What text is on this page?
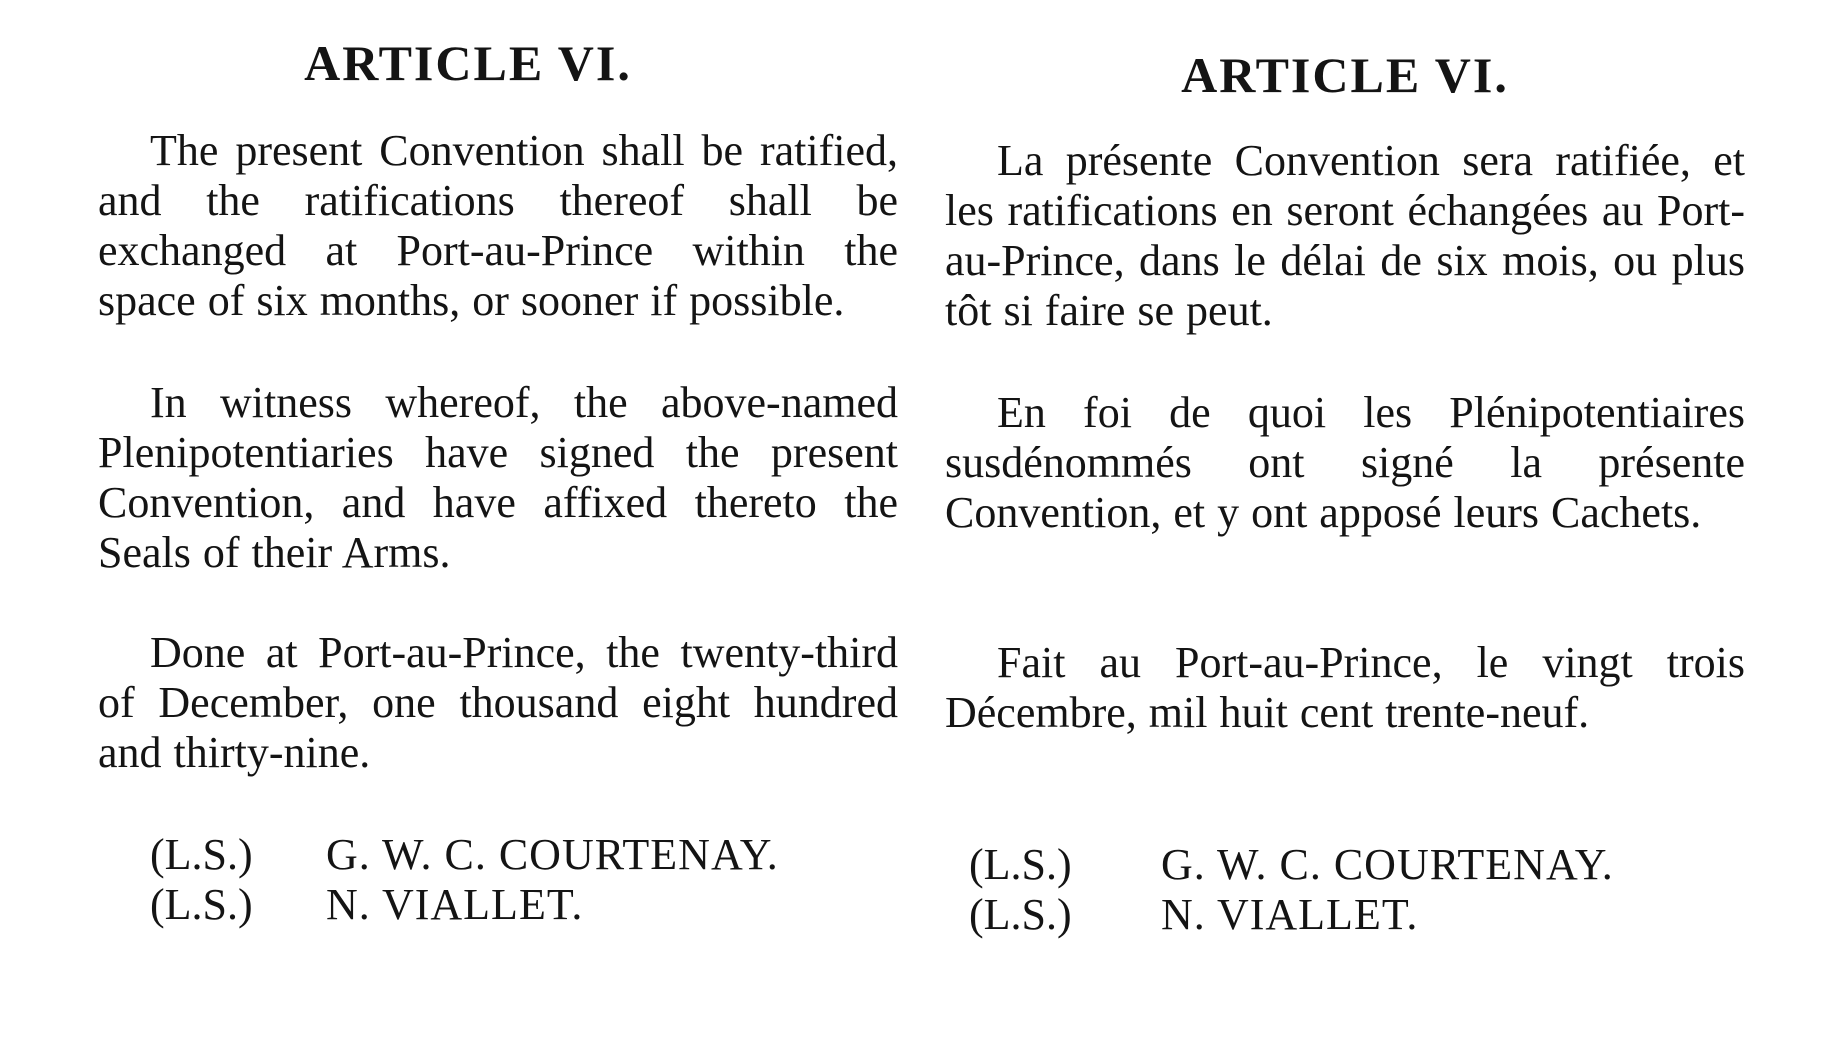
ARTICLE VI.

The present Convention shall be ratified, and the ratifications thereof shall be exchanged at Port-au-Prince within the space of six months, or sooner if possible.

In witness whereof, the above-named Plenipotentiaries have signed the present Convention, and have affixed thereto the Seals of their Arms.

Done at Port-au-Prince, the twenty-third of December, one thousand eight hundred and thirty-nine.

(L.S.) G. W. C. COURTENAY.
(L.S.) N. VIALLET.
ARTICLE VI.

La présente Convention sera ratifiée, et les ratifications en seront échangées au Port-au-Prince, dans le délai de six mois, ou plus tôt si faire se peut.

En foi de quoi les Plénipotentiaires susdénommés ont signé la présente Convention, et y ont apposé leurs Cachets.

Fait au Port-au-Prince, le vingt trois Décembre, mil huit cent trente-neuf.

(L.S.) G. W. C. COURTENAY.
(L.S.) N. VIALLET.
